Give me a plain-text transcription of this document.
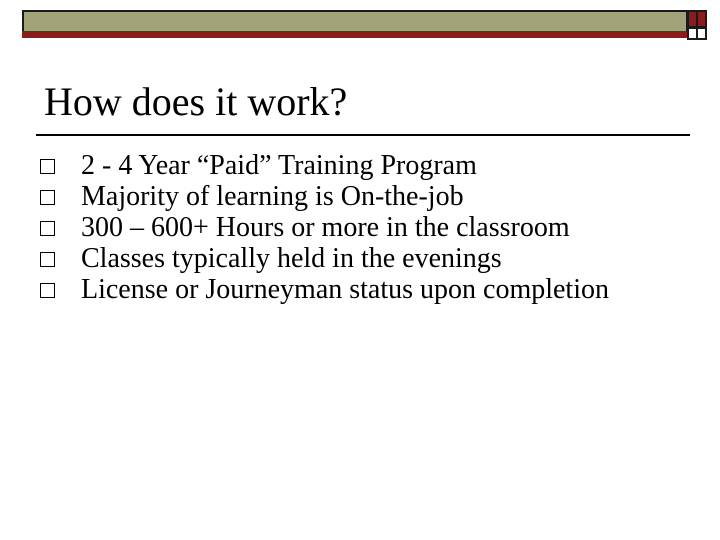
How does it work?
2 - 4 Year “Paid” Training Program
Majority of learning is On-the-job
300 – 600+ Hours or more in the classroom
Classes typically held in the evenings
License or Journeyman status upon completion
